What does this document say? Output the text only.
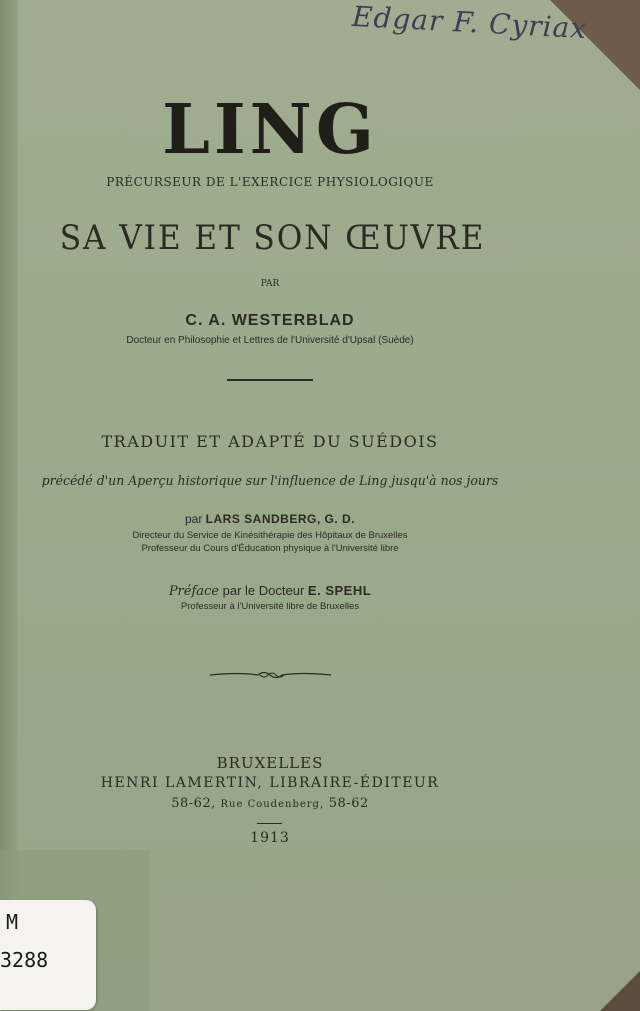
Edgar F. Cyriax
LING
PRÉCURSEUR DE L'EXERCICE PHYSIOLOGIQUE
SA VIE ET SON ŒUVRE
PAR
C. A. WESTERBLAD
Docteur en Philosophie et Lettres de l'Université d'Upsal (Suède)
TRADUIT ET ADAPTÉ DU SUÉDOIS
précédé d'un Aperçu historique sur l'influence de Ling jusqu'à nos jours
par LARS SANDBERG, G. D.
Directeur du Service de Kinésithérapie des Hôpitaux de Bruxelles
Professeur du Cours d'Éducation physique à l'Université libre
Préface par le Docteur E. SPEHL
Professeur à l'Université libre de Bruxelles
BRUXELLES
HENRI LAMERTIN, LIBRAIRE-ÉDITEUR
58-62, Rue Coudenberg, 58-62
1913
M
3288
